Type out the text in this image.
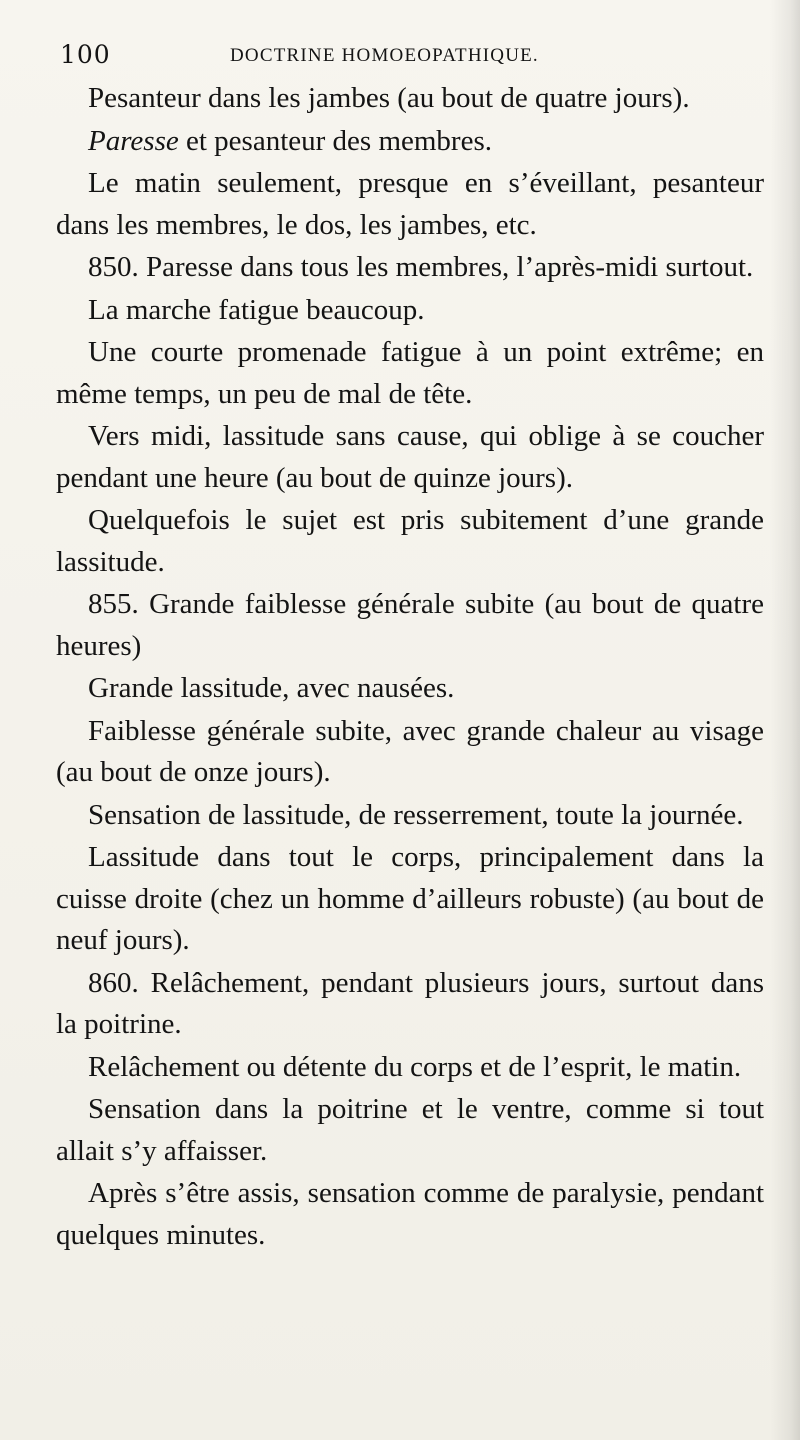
100	DOCTRINE HOMOEOPATHIQUE.

Pesanteur dans les jambes (au bout de quatre jours).

Paresse et pesanteur des membres.

Le matin seulement, presque en s’éveillant, pesanteur dans les membres, le dos, les jambes, etc.

850. Paresse dans tous les membres, l’après-midi surtout.

La marche fatigue beaucoup.

Une courte promenade fatigue à un point extrême; en même temps, un peu de mal de tête.

Vers midi, lassitude sans cause, qui oblige à se coucher pendant une heure (au bout de quinze jours).

Quelquefois le sujet est pris subitement d’une grande lassitude.

855. Grande faiblesse générale subite (au bout de quatre heures)

Grande lassitude, avec nausées.

Faiblesse générale subite, avec grande chaleur au visage (au bout de onze jours).

Sensation de lassitude, de resserrement, toute la journée.

Lassitude dans tout le corps, principalement dans la cuisse droite (chez un homme d’ailleurs robuste) (au bout de neuf jours).

860. Relâchement, pendant plusieurs jours, surtout dans la poitrine.

Relâchement ou détente du corps et de l’esprit, le matin.

Sensation dans la poitrine et le ventre, comme si tout allait s’y affaisser.

Après s’être assis, sensation comme de paralysie, pendant quelques minutes.
